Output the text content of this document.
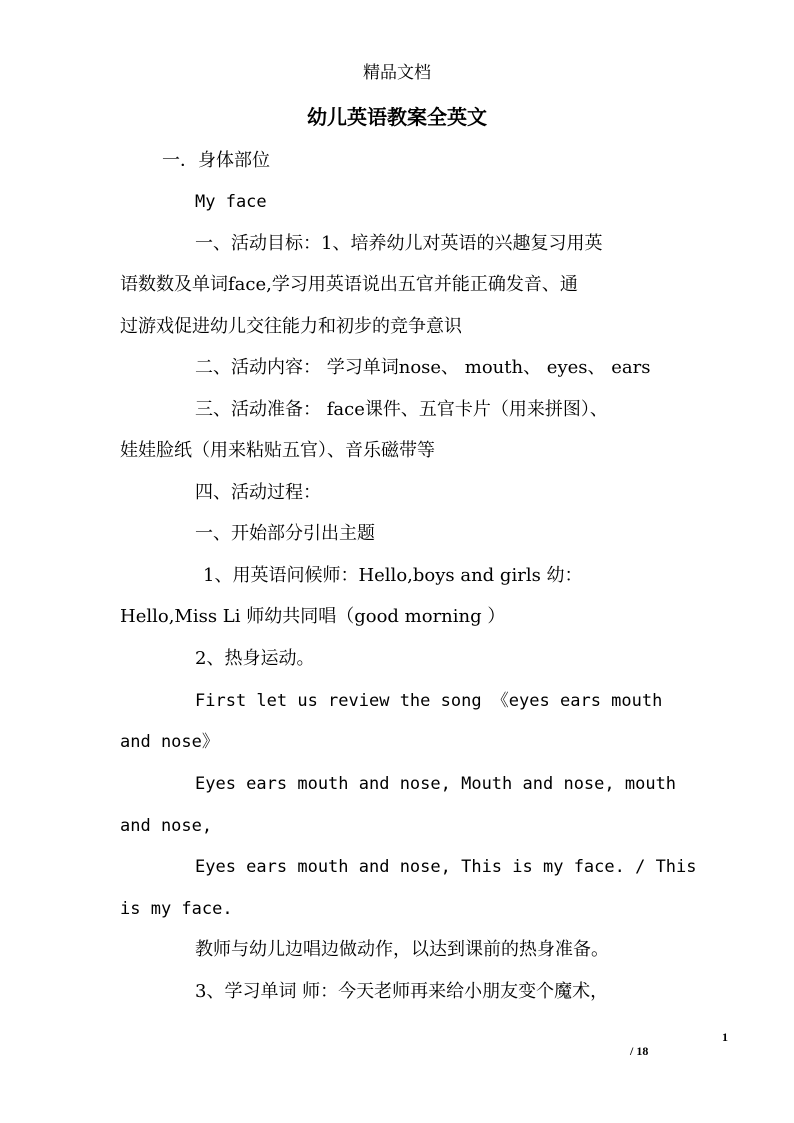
精品文档
幼儿英语教案全英文
一．身体部位
My face
一、活动目标：1、培养幼儿对英语的兴趣复习用英
语数数及单词face,学习用英语说出五官并能正确发音、通
过游戏促进幼儿交往能力和初步的竞争意识
二、活动内容： 学习单词nose、 mouth、 eyes、 ears
三、活动准备： face课件、五官卡片（用来拼图）、
娃娃脸纸（用来粘贴五官）、音乐磁带等
四、活动过程：
一、开始部分引出主题
1、用英语问候师：Hello,boys and girls 幼：
Hello,Miss Li 师幼共同唱（good morning ）
2、热身运动。
First let us review the song 《eyes ears mouth
and nose》
Eyes ears mouth and nose, Mouth and nose, mouth
and nose,
Eyes ears mouth and nose, This is my face. / This
is my face.
教师与幼儿边唱边做动作，以达到课前的热身准备。
3、学习单词 师：今天老师再来给小朋友变个魔术，
1
/ 18
